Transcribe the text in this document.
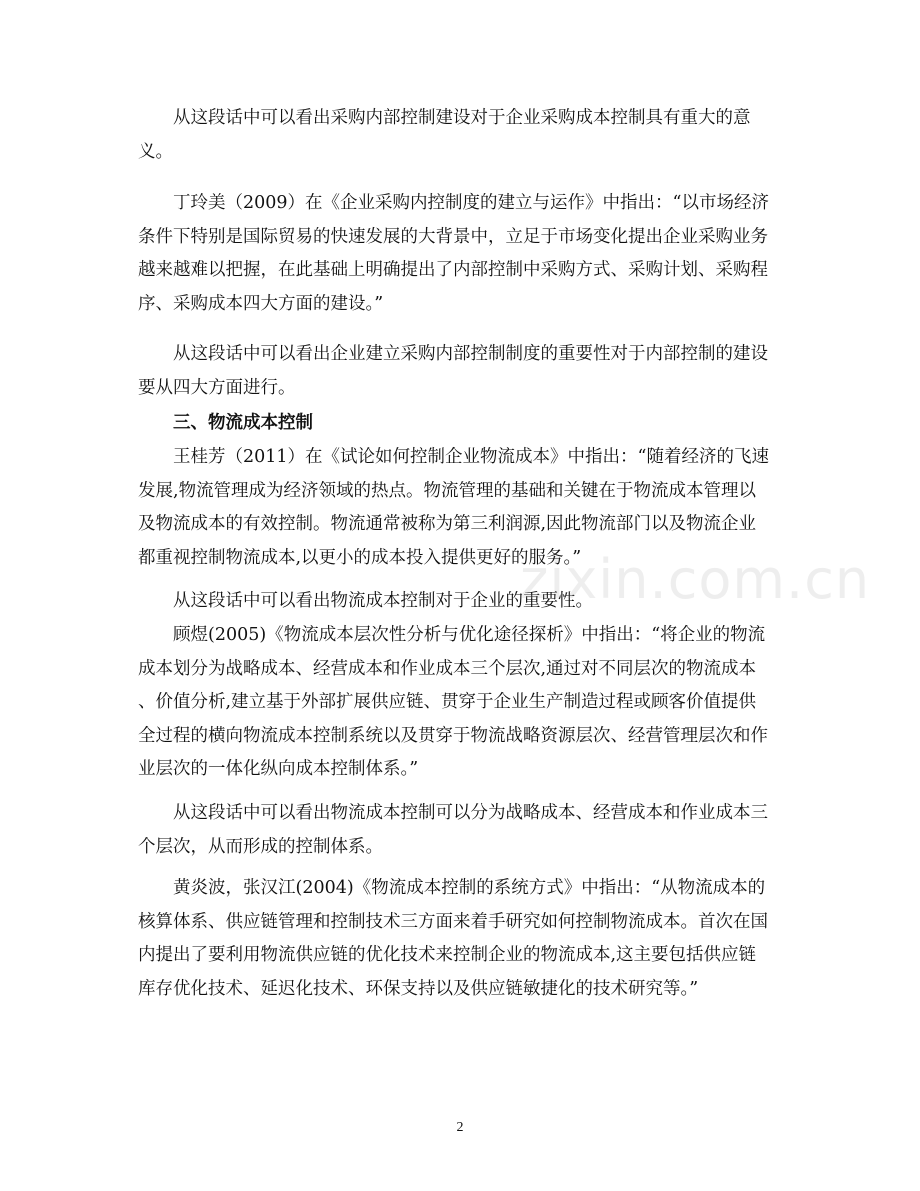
从这段话中可以看出采购内部控制建设对于企业采购成本控制具有重大的意
义。

丁玲美（2009）在《企业采购内控制度的建立与运作》中指出：“以市场经济
条件下特别是国际贸易的快速发展的大背景中，立足于市场变化提出企业采购业务
越来越难以把握，在此基础上明确提出了内部控制中采购方式、采购计划、采购程
序、采购成本四大方面的建设。”

从这段话中可以看出企业建立采购内部控制制度的重要性对于内部控制的建设
要从四大方面进行。

三、物流成本控制

王桂芳（2011）在《试论如何控制企业物流成本》中指出：“随着经济的飞速
发展,物流管理成为经济领域的热点。物流管理的基础和关键在于物流成本管理以
及物流成本的有效控制。物流通常被称为第三利润源,因此物流部门以及物流企业
都重视控制物流成本,以更小的成本投入提供更好的服务。”

从这段话中可以看出物流成本控制对于企业的重要性。

顾煜(2005)《物流成本层次性分析与优化途径探析》中指出：“将企业的物流
成本划分为战略成本、经营成本和作业成本三个层次,通过对不同层次的物流成本
、价值分析,建立基于外部扩展供应链、贯穿于企业生产制造过程或顾客价值提供
全过程的横向物流成本控制系统以及贯穿于物流战略资源层次、经营管理层次和作
业层次的一体化纵向成本控制体系。”

从这段话中可以看出物流成本控制可以分为战略成本、经营成本和作业成本三
个层次，从而形成的控制体系。

黄炎波，张汉江(2004)《物流成本控制的系统方式》中指出：“从物流成本的
核算体系、供应链管理和控制技术三方面来着手研究如何控制物流成本。首次在国
内提出了要利用物流供应链的优化技术来控制企业的物流成本,这主要包括供应链
库存优化技术、延迟化技术、环保支持以及供应链敏捷化的技术研究等。”

zixin.com.cn
2
